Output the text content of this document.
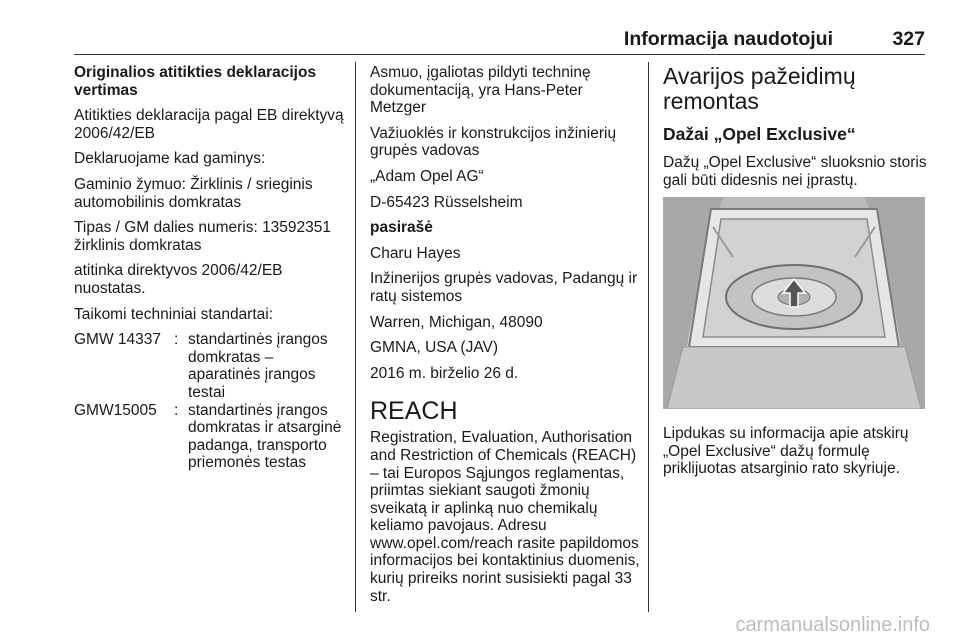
Informacija naudotojui	327

Originalios atitikties deklaracijos vertimas

Atitikties deklaracija pagal EB direktyvą 2006/42/EB

Deklaruojame kad gaminys:

Gaminio žymuo: Žirklinis / srieginis automobilinis domkratas

Tipas / GM dalies numeris: 13592351 žirklinis domkratas

atitinka direktyvos 2006/42/EB nuostatas.

Taikomi techniniai standartai:

GMW 14337 : standartinės įrangos domkratas – aparatinės įrangos testai
GMW15005	: standartinės įrangos domkratas ir atsarginė padanga, transporto priemonės testas

Asmuo, įgaliotas pildyti techninę dokumentaciją, yra Hans-Peter Metzger

Važiuoklės ir konstrukcijos inžinierių grupės vadovas

„Adam Opel AG“

D-65423 Rüsselsheim

pasirašė

Charu Hayes

Inžinerijos grupės vadovas, Padangų ir ratų sistemos

Warren, Michigan, 48090

GMNA, USA (JAV)

2016 m. birželio 26 d.

REACH

Registration, Evaluation, Authorisation and Restriction of Chemicals (REACH) – tai Europos Sąjungos reglamentas, priimtas siekiant saugoti žmonių sveikatą ir aplinką nuo chemikalų keliamo pavojaus. Adresu www.opel.com/reach rasite papildomos informacijos bei kontaktinius duomenis, kurių prireiks norint susisiekti pagal 33 str.

Avarijos pažeidimų remontas
Dažai „Opel Exclusive“

Dažų „Opel Exclusive“ sluoksnio storis gali būti didesnis nei įprastų.

Lipdukas su informacija apie atskirų „Opel Exclusive“ dažų formulę priklijuotas atsarginio rato skyriuje.

carmanualsonline.info
